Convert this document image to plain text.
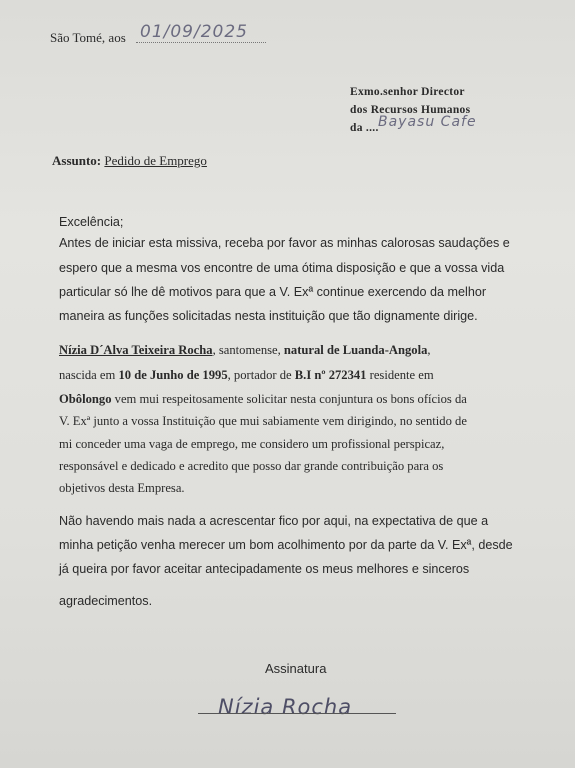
São Tomé, aos 01/09/2025
Exmo.senhor Director
dos Recursos Humanos
da .... Bayasu Cafe
Assunto: Pedido de Emprego
Excelência;
Antes de iniciar esta missiva, receba por favor as minhas calorosas saudações e
espero que a mesma vos encontre de uma ótima disposição e que a vossa vida
particular só lhe dê motivos para que a V. Exª continue exercendo da melhor
maneira as funções solicitadas nesta instituição que tão dignamente dirige.
Nízia D´Alva Teixeira Rocha, santomense, natural de Luanda-Angola,
nascida em 10 de Junho de 1995, portador de B.I nº 272341 residente em
Obôlongo vem mui respeitosamente solicitar nesta conjuntura os bons ofícios da
V. Exª junto a vossa Instituição que mui sabiamente vem dirigindo, no sentido de
mi conceder uma vaga de emprego, me considero um profissional perspicaz,
responsável e dedicado e acredito que posso dar grande contribuição para os
objetivos desta Empresa.
Não havendo mais nada a acrescentar fico por aqui, na expectativa de que a
minha petição venha merecer um bom acolhimento por da parte da V. Exª, desde
já queira por favor aceitar antecipadamente os meus melhores e sinceros
agradecimentos.
Assinatura
Nízia Rocha
